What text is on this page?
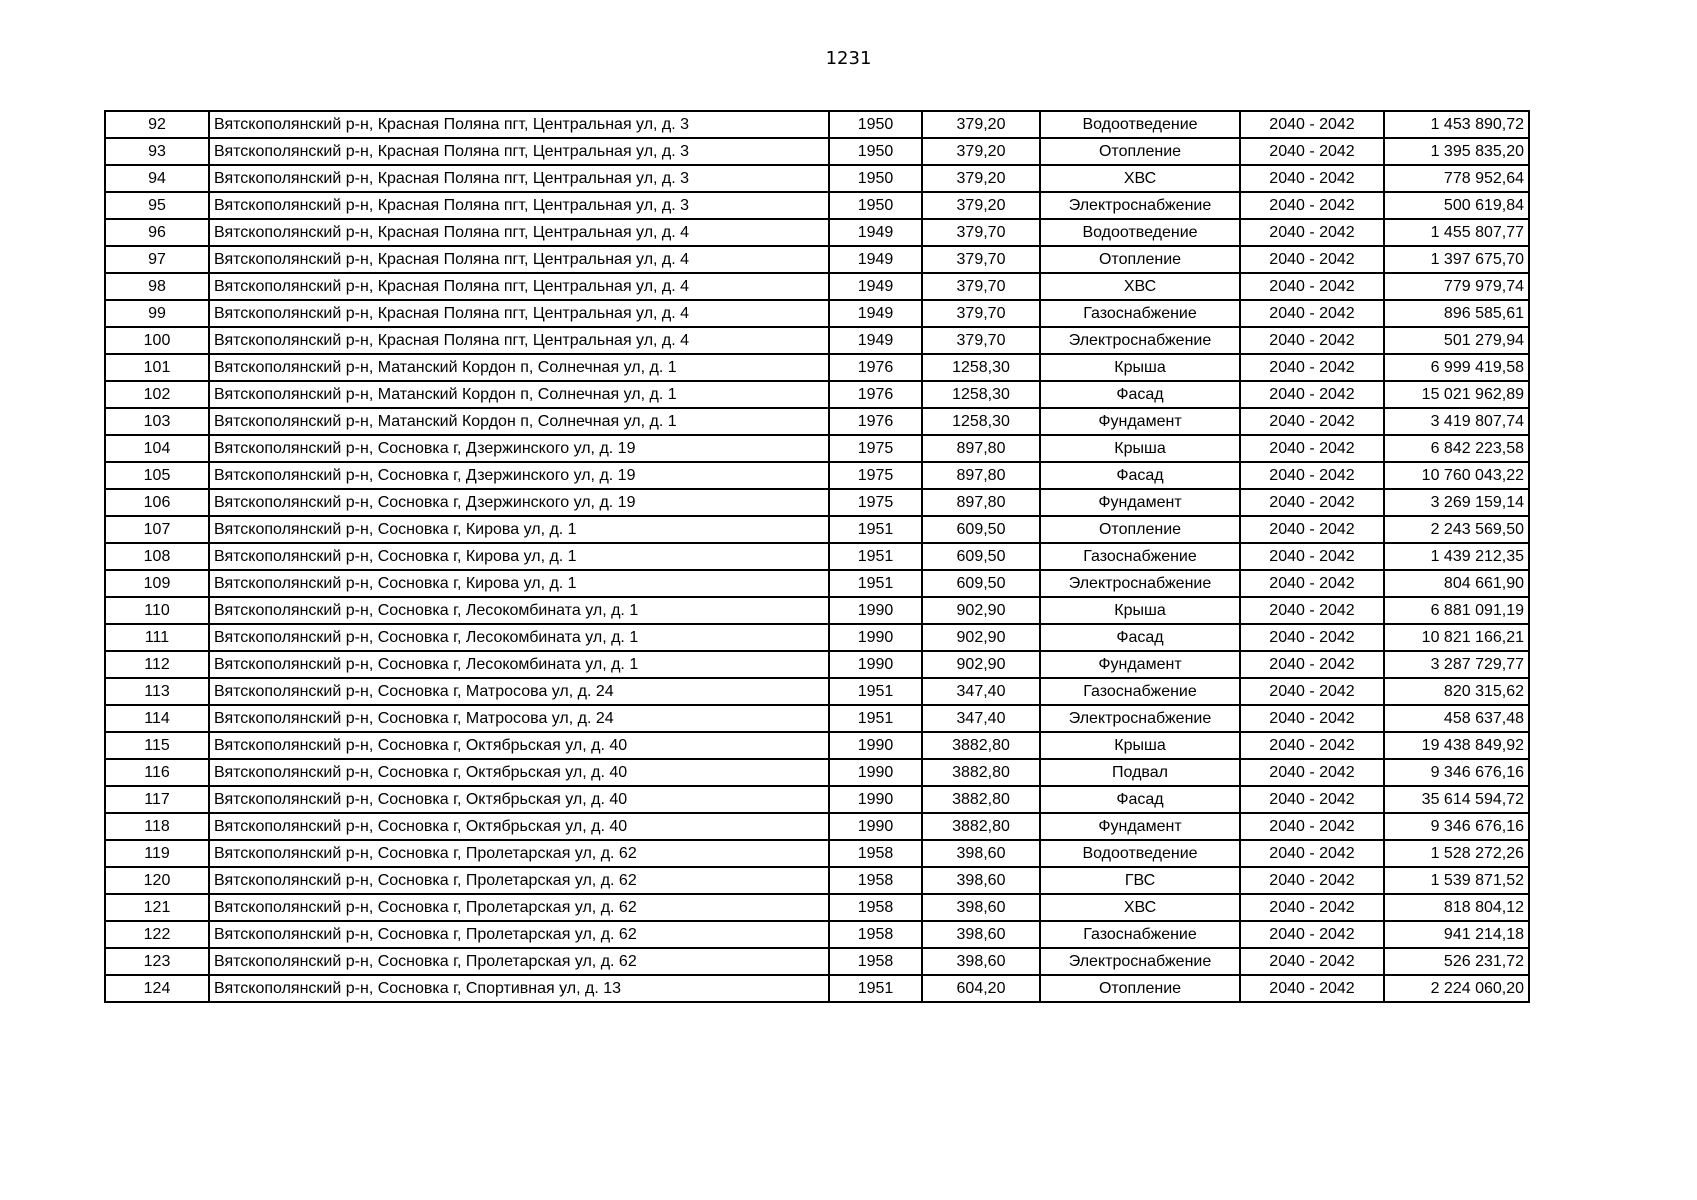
1231
92	Вятскополянский р-н, Красная Поляна пгт, Центральная ул, д. 3	1950	379,20	Водоотведение	2040 - 2042	1 453 890,72
93	Вятскополянский р-н, Красная Поляна пгт, Центральная ул, д. 3	1950	379,20	Отопление	2040 - 2042	1 395 835,20
94	Вятскополянский р-н, Красная Поляна пгт, Центральная ул, д. 3	1950	379,20	ХВС	2040 - 2042	778 952,64
95	Вятскополянский р-н, Красная Поляна пгт, Центральная ул, д. 3	1950	379,20	Электроснабжение	2040 - 2042	500 619,84
96	Вятскополянский р-н, Красная Поляна пгт, Центральная ул, д. 4	1949	379,70	Водоотведение	2040 - 2042	1 455 807,77
97	Вятскополянский р-н, Красная Поляна пгт, Центральная ул, д. 4	1949	379,70	Отопление	2040 - 2042	1 397 675,70
98	Вятскополянский р-н, Красная Поляна пгт, Центральная ул, д. 4	1949	379,70	ХВС	2040 - 2042	779 979,74
99	Вятскополянский р-н, Красная Поляна пгт, Центральная ул, д. 4	1949	379,70	Газоснабжение	2040 - 2042	896 585,61
100	Вятскополянский р-н, Красная Поляна пгт, Центральная ул, д. 4	1949	379,70	Электроснабжение	2040 - 2042	501 279,94
101	Вятскополянский р-н, Матанский Кордон п, Солнечная ул, д. 1	1976	1258,30	Крыша	2040 - 2042	6 999 419,58
102	Вятскополянский р-н, Матанский Кордон п, Солнечная ул, д. 1	1976	1258,30	Фасад	2040 - 2042	15 021 962,89
103	Вятскополянский р-н, Матанский Кордон п, Солнечная ул, д. 1	1976	1258,30	Фундамент	2040 - 2042	3 419 807,74
104	Вятскополянский р-н, Сосновка г, Дзержинского ул, д. 19	1975	897,80	Крыша	2040 - 2042	6 842 223,58
105	Вятскополянский р-н, Сосновка г, Дзержинского ул, д. 19	1975	897,80	Фасад	2040 - 2042	10 760 043,22
106	Вятскополянский р-н, Сосновка г, Дзержинского ул, д. 19	1975	897,80	Фундамент	2040 - 2042	3 269 159,14
107	Вятскополянский р-н, Сосновка г, Кирова ул, д. 1	1951	609,50	Отопление	2040 - 2042	2 243 569,50
108	Вятскополянский р-н, Сосновка г, Кирова ул, д. 1	1951	609,50	Газоснабжение	2040 - 2042	1 439 212,35
109	Вятскополянский р-н, Сосновка г, Кирова ул, д. 1	1951	609,50	Электроснабжение	2040 - 2042	804 661,90
110	Вятскополянский р-н, Сосновка г, Лесокомбината ул, д. 1	1990	902,90	Крыша	2040 - 2042	6 881 091,19
111	Вятскополянский р-н, Сосновка г, Лесокомбината ул, д. 1	1990	902,90	Фасад	2040 - 2042	10 821 166,21
112	Вятскополянский р-н, Сосновка г, Лесокомбината ул, д. 1	1990	902,90	Фундамент	2040 - 2042	3 287 729,77
113	Вятскополянский р-н, Сосновка г, Матросова ул, д. 24	1951	347,40	Газоснабжение	2040 - 2042	820 315,62
114	Вятскополянский р-н, Сосновка г, Матросова ул, д. 24	1951	347,40	Электроснабжение	2040 - 2042	458 637,48
115	Вятскополянский р-н, Сосновка г, Октябрьская ул, д. 40	1990	3882,80	Крыша	2040 - 2042	19 438 849,92
116	Вятскополянский р-н, Сосновка г, Октябрьская ул, д. 40	1990	3882,80	Подвал	2040 - 2042	9 346 676,16
117	Вятскополянский р-н, Сосновка г, Октябрьская ул, д. 40	1990	3882,80	Фасад	2040 - 2042	35 614 594,72
118	Вятскополянский р-н, Сосновка г, Октябрьская ул, д. 40	1990	3882,80	Фундамент	2040 - 2042	9 346 676,16
119	Вятскополянский р-н, Сосновка г, Пролетарская ул, д. 62	1958	398,60	Водоотведение	2040 - 2042	1 528 272,26
120	Вятскополянский р-н, Сосновка г, Пролетарская ул, д. 62	1958	398,60	ГВС	2040 - 2042	1 539 871,52
121	Вятскополянский р-н, Сосновка г, Пролетарская ул, д. 62	1958	398,60	ХВС	2040 - 2042	818 804,12
122	Вятскополянский р-н, Сосновка г, Пролетарская ул, д. 62	1958	398,60	Газоснабжение	2040 - 2042	941 214,18
123	Вятскополянский р-н, Сосновка г, Пролетарская ул, д. 62	1958	398,60	Электроснабжение	2040 - 2042	526 231,72
124	Вятскополянский р-н, Сосновка г, Спортивная ул, д. 13	1951	604,20	Отопление	2040 - 2042	2 224 060,20
